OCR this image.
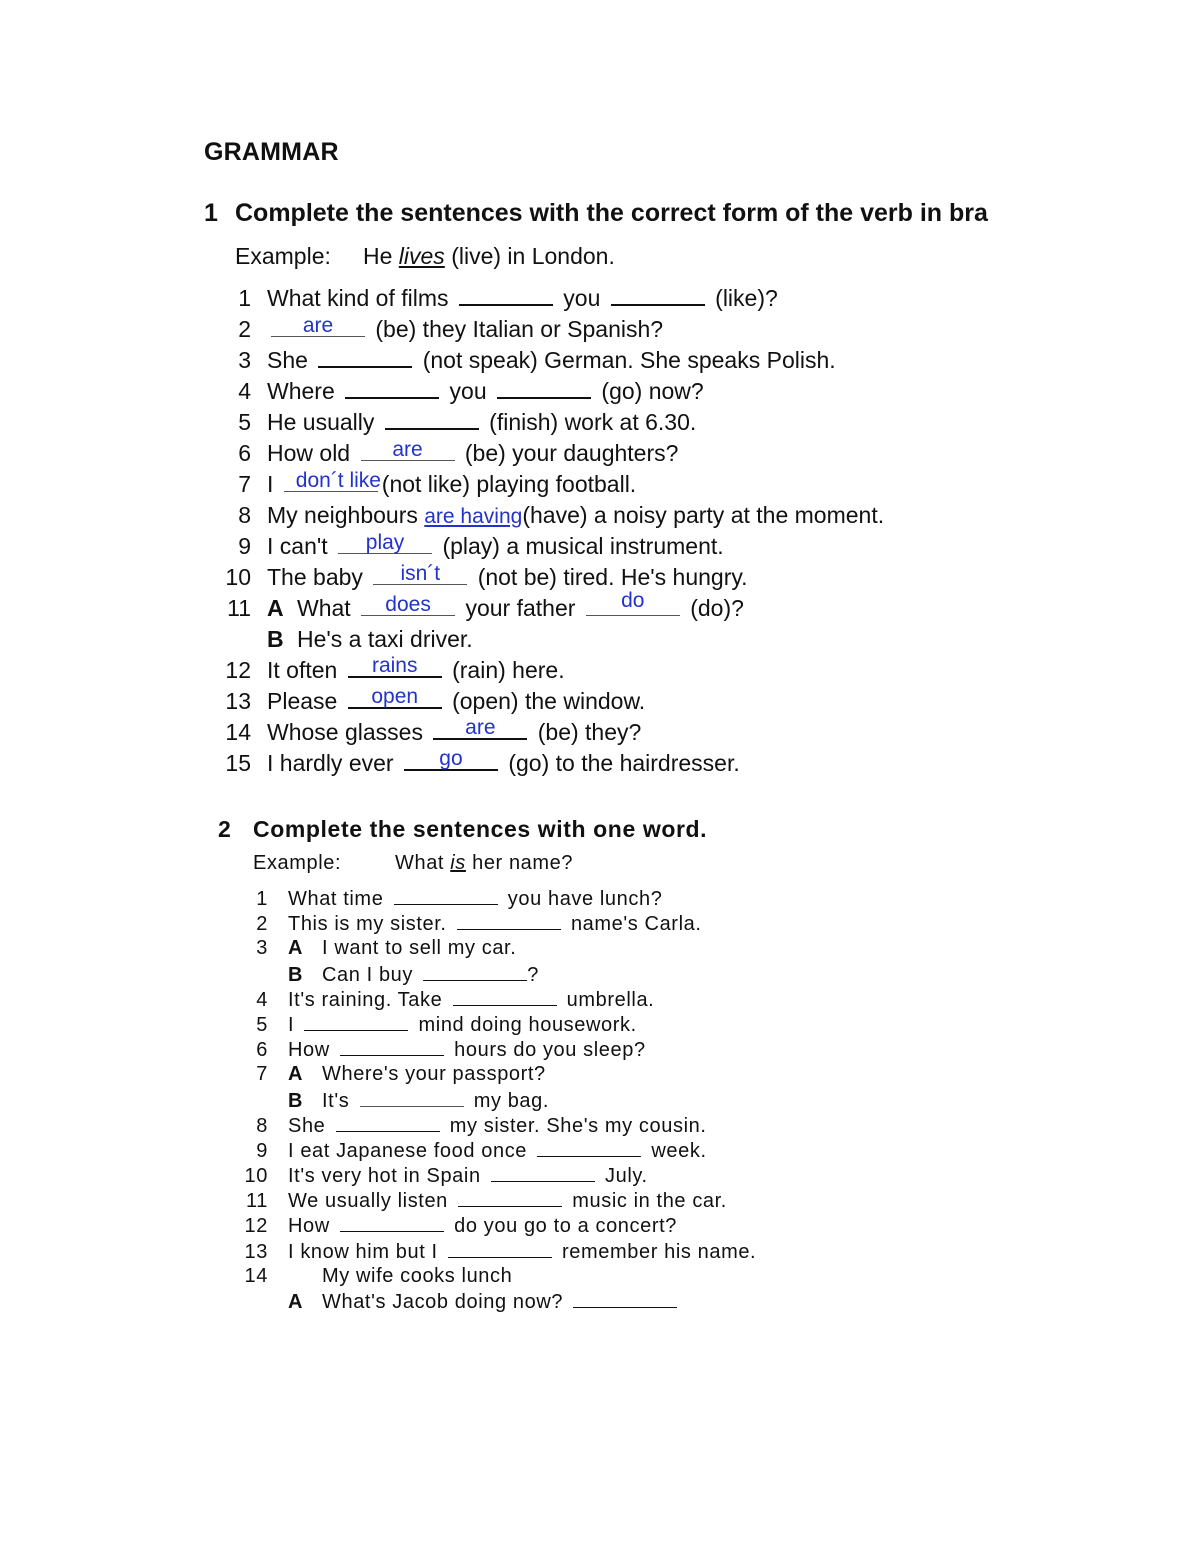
GRAMMAR
1 Complete the sentences with the correct form of the verb in bra
Example: He lives (live) in London.
1 What kind of films	you	(like)?
2	are	(be) they Italian or Spanish?
3 She	(not speak) German. She speaks Polish.
4 Where	you	(go) now?
5 He usually	(finish) work at 6.30.
6 How old	are	(be) your daughters?
7 I don´t like (not like) playing football.
8 My neighbours are having(have) a noisy party at the moment.
9 I can't	play	(play) a musical instrument.
10 The baby	isn´t	(not be) tired. He's hungry.
11 A What	does	your father	do	(do)?
B He's a taxi driver.
12 It often	rains	(rain) here.
13 Please	open	(open) the window.
14 Whose glasses	are	(be) they?
15 I hardly ever	go	(go) to the hairdresser.
2 Complete the sentences with one word.
Example:	What is her name?
1 What time	you have lunch?
2 This is my sister.	name's Carla.
3 A I want to sell my car.
B Can I buy	?
4 It's raining. Take	umbrella.
5 I	mind doing housework.
6 How	hours do you sleep?
7 A Where's your passport?
B It's	my bag.
8 She	my sister. She's my cousin.
9 I eat Japanese food once	week.
10 It's very hot in Spain	July.
11 We usually listen	music in the car.
12 How	do you go to a concert?
13 I know him but I	remember his name.
14	My wife cooks lunch
A What's Jacob doing now?
